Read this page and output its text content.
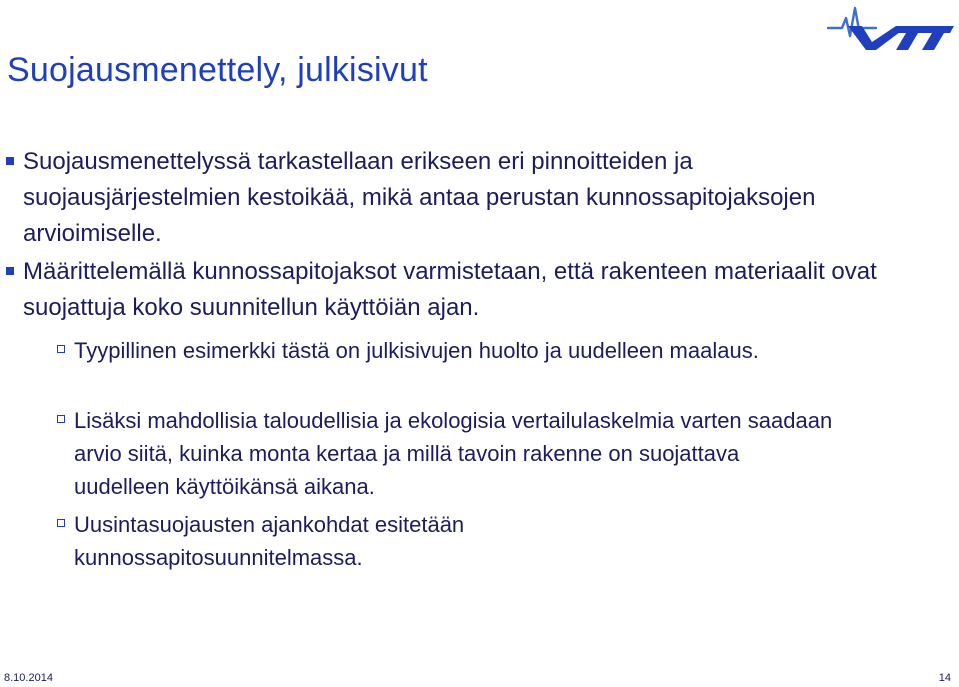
Suojausmenettely, julkisivut
Suojausmenettelyssä tarkastellaan erikseen eri pinnoitteiden ja suojausjärjestelmien kestoikää, mikä antaa perustan kunnossapitojaksojen arvioimiselle.
Määrittelemällä kunnossapitojaksot varmistetaan, että rakenteen materiaalit ovat suojattuja koko suunnitellun käyttöiän ajan.
Tyypillinen esimerkki tästä on julkisivujen huolto ja uudelleen maalaus.
Lisäksi mahdollisia taloudellisia ja ekologisia vertailulaskelmia varten saadaan arvio siitä, kuinka monta kertaa ja millä tavoin rakenne on suojattava uudelleen käyttöikänsä aikana.
Uusintasuojausten ajankohdat esitetään kunnossapitosuunnitelmassa.
8.10.2014	14
